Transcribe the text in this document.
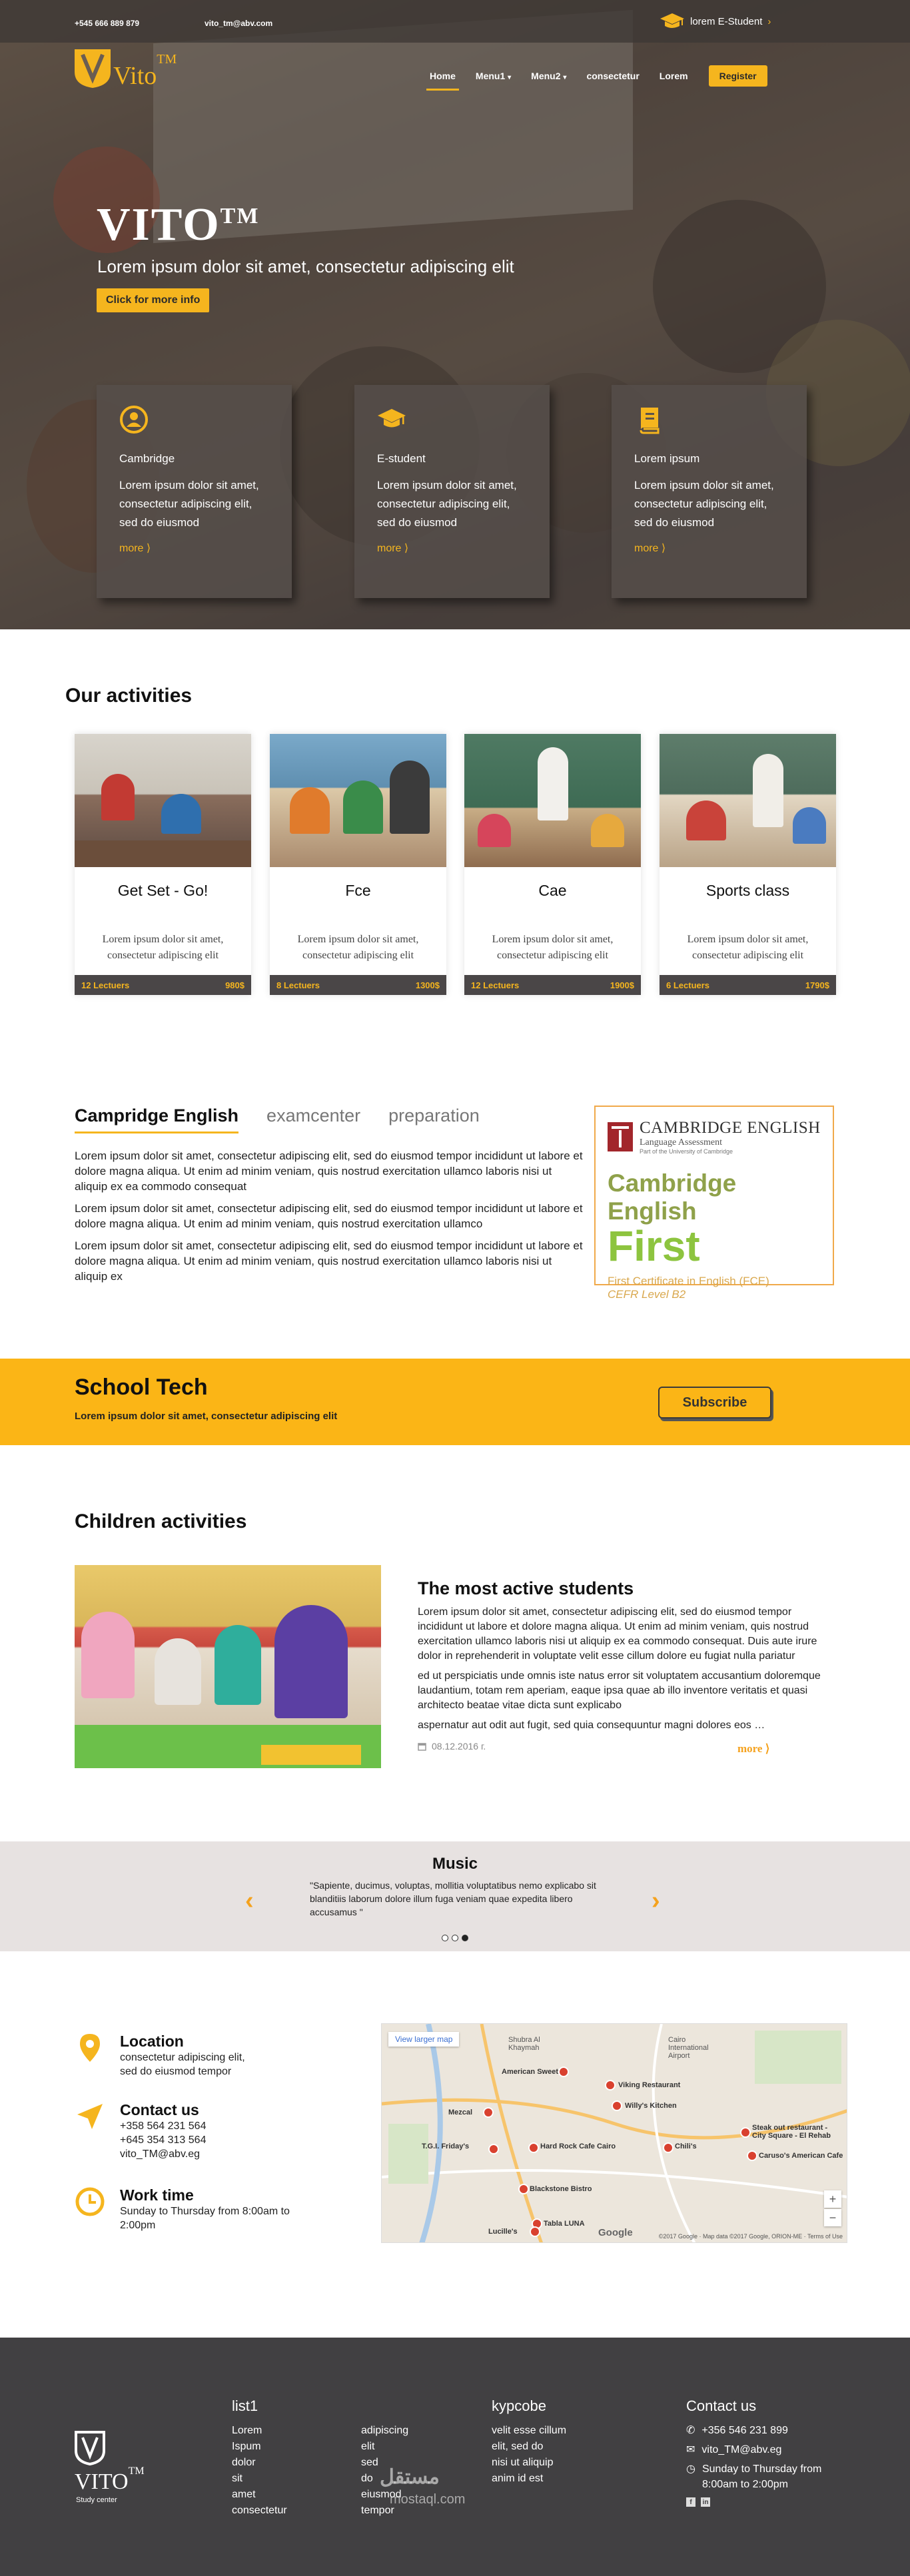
+545 666 889 879	vito_tm@abv.com	lorem E-Student ›
Vito™
Home	Menu1 ▾	Menu2 ▾	consectetur	Lorem	Register
VITO™
Lorem ipsum dolor sit amet, consectetur adipiscing elit
Click for more info
Cambridge
Lorem ipsum dolor sit amet, consectetur adipiscing elit, sed do eiusmod
more ⟩
E-student
Lorem ipsum dolor sit amet, consectetur adipiscing elit, sed do eiusmod
more ⟩
Lorem ipsum
Lorem ipsum dolor sit amet, consectetur adipiscing elit, sed do eiusmod
more ⟩
Our activities
Get Set - Go!
Lorem ipsum dolor sit amet, consectetur adipiscing elit
12 Lectuers	980$
Fce
Lorem ipsum dolor sit amet, consectetur adipiscing elit
8 Lectuers	1300$
Cae
Lorem ipsum dolor sit amet, consectetur adipiscing elit
12 Lectuers	1900$
Sports class
Lorem ipsum dolor sit amet, consectetur adipiscing elit
6 Lectuers	1790$
Campridge English examcenter preparation

Lorem ipsum dolor sit amet, consectetur adipiscing elit, sed do eiusmod tempor incididunt ut labore et dolore magna aliqua. Ut enim ad minim veniam, quis nostrud exercitation ullamco laboris nisi ut aliquip ex ea commodo consequat

Lorem ipsum dolor sit amet, consectetur adipiscing elit, sed do eiusmod tempor incididunt ut labore et dolore magna aliqua. Ut enim ad minim veniam, quis nostrud exercitation ullamco

Lorem ipsum dolor sit amet, consectetur adipiscing elit, sed do eiusmod tempor incididunt ut labore et dolore magna aliqua. Ut enim ad minim veniam, quis nostrud exercitation ullamco laboris nisi ut aliquip ex

CAMBRIDGE ENGLISH
Language Assessment
Part of the University of Cambridge
Cambridge English
First
First Certificate in English (FCE)
CEFR Level B2
School Tech
Lorem ipsum dolor sit amet, consectetur adipiscing elit
Subscribe
Children activities
The most active students

Lorem ipsum dolor sit amet, consectetur adipiscing elit, sed do eiusmod tempor incididunt ut labore et dolore magna aliqua. Ut enim ad minim veniam, quis nostrud exercitation ullamco laboris nisi ut aliquip ex ea commodo consequat. Duis aute irure dolor in reprehenderit in voluptate velit esse cillum dolore eu fugiat nulla pariatur

ed ut perspiciatis unde omnis iste natus error sit voluptatem accusantium doloremque laudantium, totam rem aperiam, eaque ipsa quae ab illo inventore veritatis et quasi architecto beatae vitae dicta sunt explicabo

aspernatur aut odit aut fugit, sed quia consequuntur magni dolores eos …

08.12.2016 г.	more ⟩
Music
"Sapiente, ducimus, voluptas, mollitia voluptatibus nemo explicabo sit blanditiis laborum dolore illum fuga veniam quae expedita libero accusamus "
‹	›
Location
consectetur adipiscing elit,
sed do eiusmod tempor
Contact us
+358 564 231 564
+645 354 313 564
vito_TM@abv.eg
Work time
Sunday to Thursday from 8:00am to
2:00pm
View larger map
American Sweet
Viking Restaurant
Willy's Kitchen
Mezcal
T.G.I. Friday's	Hard Rock Cafe Cairo	Chili's
Steak out restaurant - City Square - El Rehab
Caruso's American Cafe
Blackstone Bistro
Tabla LUNA
Lucille's
Cairo International Airport
Shubra Al Khaymah
+
−
Google	©2017 Google · Map data ©2017 Google, ORION-ME · Terms of Use
VITO™
Study center
list1
Lorem
Ispum
dolor
sit
amet
consectetur
adipiscing
elit
sed
do
eiusmod
tempor
kypcobe
velit esse cillum
elit, sed do
nisi ut aliquip
anim id est
Contact us
✆ +356 546 231 899
✉ vito_TM@abv.eg
◷ Sunday to Thursday from 8:00am to 2:00pm
f	in
مستقل
mostaql.com
